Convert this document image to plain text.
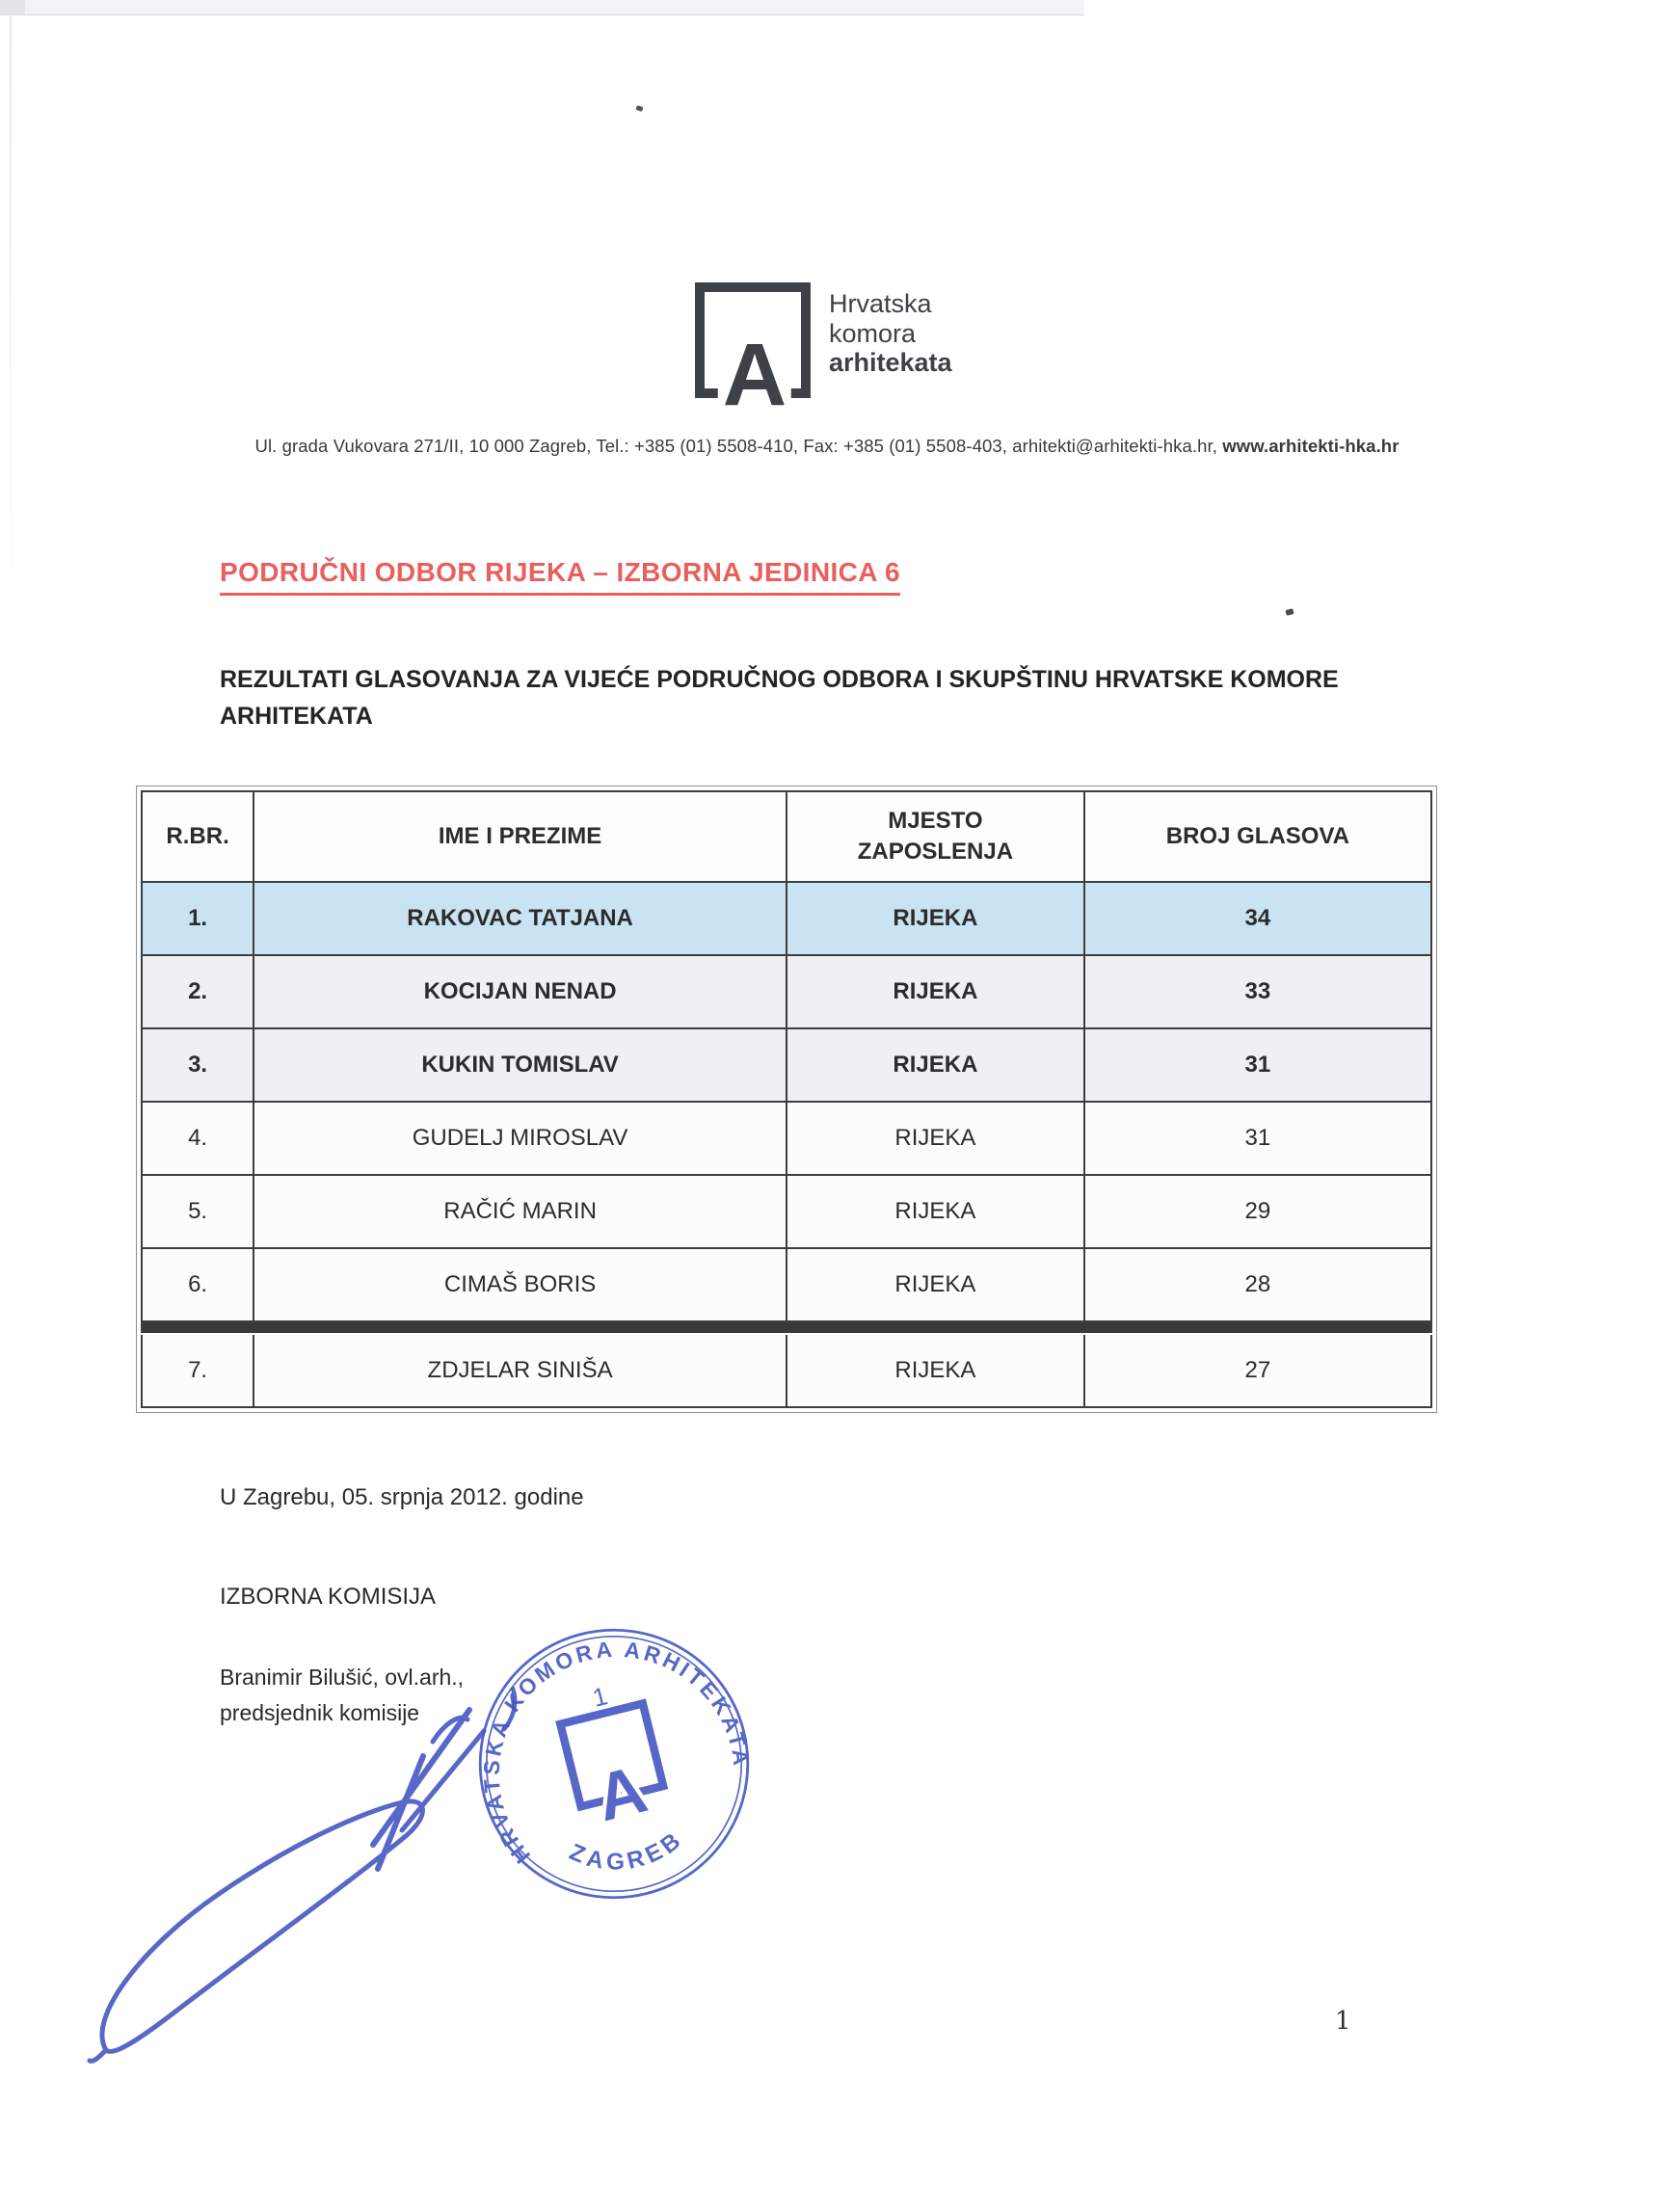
A
Hrvatska
komora
arhitekata
Ul. grada Vukovara 271/II, 10 000 Zagreb, Tel.: +385 (01) 5508-410, Fax: +385 (01) 5508-403, arhitekti@arhitekti-hka.hr, www.arhitekti-hka.hr
PODRUČNI ODBOR RIJEKA – IZBORNA JEDINICA 6
REZULTATI GLASOVANJA ZA VIJEĆE PODRUČNOG ODBORA I SKUPŠTINU HRVATSKE KOMORE ARHITEKATA
R.BR.	IME I PREZIME	MJESTO ZAPOSLENJA	BROJ GLASOVA
1.	RAKOVAC TATJANA	RIJEKA	34
2.	KOCIJAN NENAD	RIJEKA	33
3.	KUKIN TOMISLAV	RIJEKA	31
4.	GUDELJ MIROSLAV	RIJEKA	31
5.	RAČIĆ MARIN	RIJEKA	29
6.	CIMAŠ BORIS	RIJEKA	28

7.	ZDJELAR SINIŠA	RIJEKA	27
U Zagrebu, 05. srpnja 2012. godine
IZBORNA KOMISIJA
Branimir Bilušić, ovl.arh.,
predsjednik komisije
1
HRVATSKA KOMORA ARHITEKATA
1
ZAGREB
A
